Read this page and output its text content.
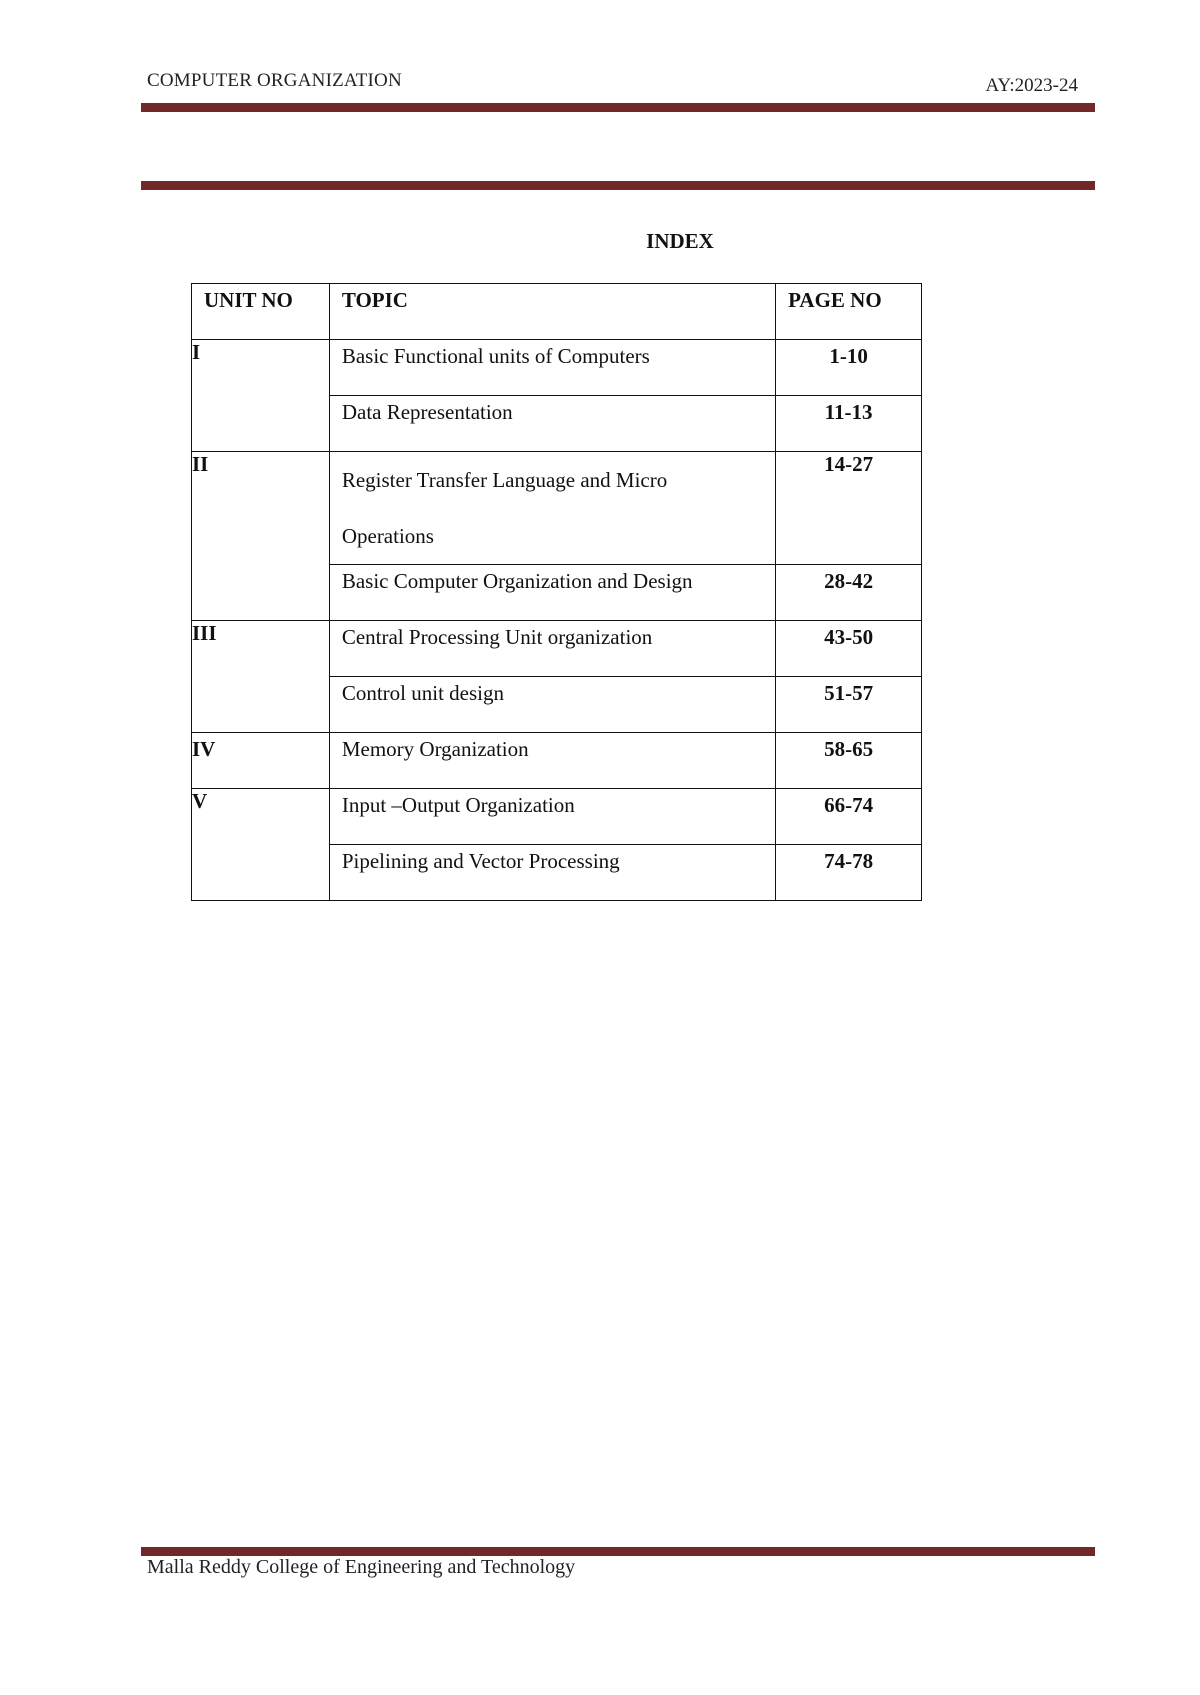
COMPUTER ORGANIZATION	AY:2023-24
INDEX
UNIT NO	TOPIC	PAGE NO

I	Basic Functional units of Computers	1-10

	Data Representation	11-13

II	Register Transfer Language and Micro Operations	14-27

	Basic Computer Organization and Design	28-42

III	Central Processing Unit organization	43-50

	Control unit design	51-57

IV	Memory Organization	58-65

V	Input –Output Organization	66-74

	Pipelining and Vector Processing	74-78
Malla Reddy College of Engineering and Technology
